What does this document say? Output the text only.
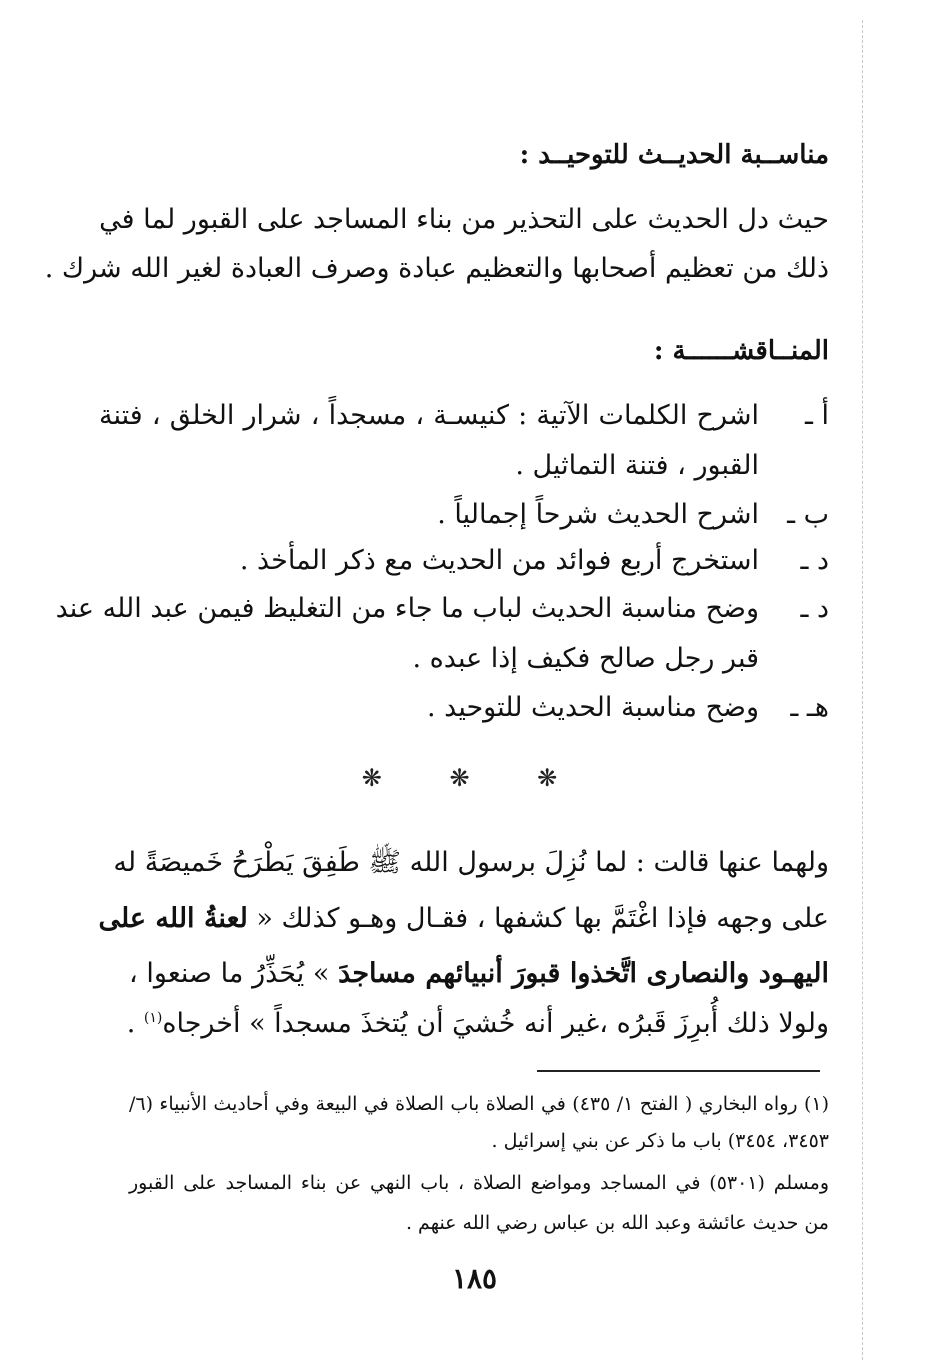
مناســبة الحديــث للتوحيــد :
حيث دل الحديث على التحذير من بناء المساجد على القبور لما في
ذلك من تعظيم أصحابها والتعظيم عبادة وصرف العبادة لغير الله شرك .
المنــاقشــــــة :
أ ـ
اشرح الكلمات الآتية : كنيسـة ، مسجداً ، شرار الخلق ، فتنة
القبور ، فتنة التماثيل .
ب ـ
اشرح الحديث شرحاً إجمالياً .
د ـ
استخرج أربع فوائد من الحديث مع ذكر المأخذ .
د ـ
وضح مناسبة الحديث لباب ما جاء من التغليظ فيمن عبد الله عند
قبر رجل صالح فكيف إذا عبده .
هـ ـ
وضح مناسبة الحديث للتوحيد .
❋ ❋ ❋
ولهما عنها قالت : لما نُزِلَ برسول الله ﷺ طَفِقَ يَطْرَحُ خَميصَةً له
على وجهه فإذا اغْتَمَّ بها كشفها ، فقـال وهـو كذلك « لعنةُ الله على
اليهـود والنصارى اتَّخذوا قبورَ أنبيائهم مساجدَ » يُحَذِّرُ ما صنعوا ،
ولولا ذلك أُبرِزَ قَبرُه ،غير أنه خُشيَ أن يُتخذَ مسجداً » أخرجاه$^{(١)}$ .
(١) رواه البخاري ( الفتح ١/ ٤٣٥) في الصلاة باب الصلاة في البيعة وفي أحاديث الأنبياء (٦/
٣٤٥٣، ٣٤٥٤) باب ما ذكر عن بني إسرائيل .
ومسلم (٥٣٠١) في المساجد ومواضع الصلاة ، باب النهي عن بناء المساجد على القبور
من حديث عائشة وعبد الله بن عباس رضي الله عنهم .
١٨٥
